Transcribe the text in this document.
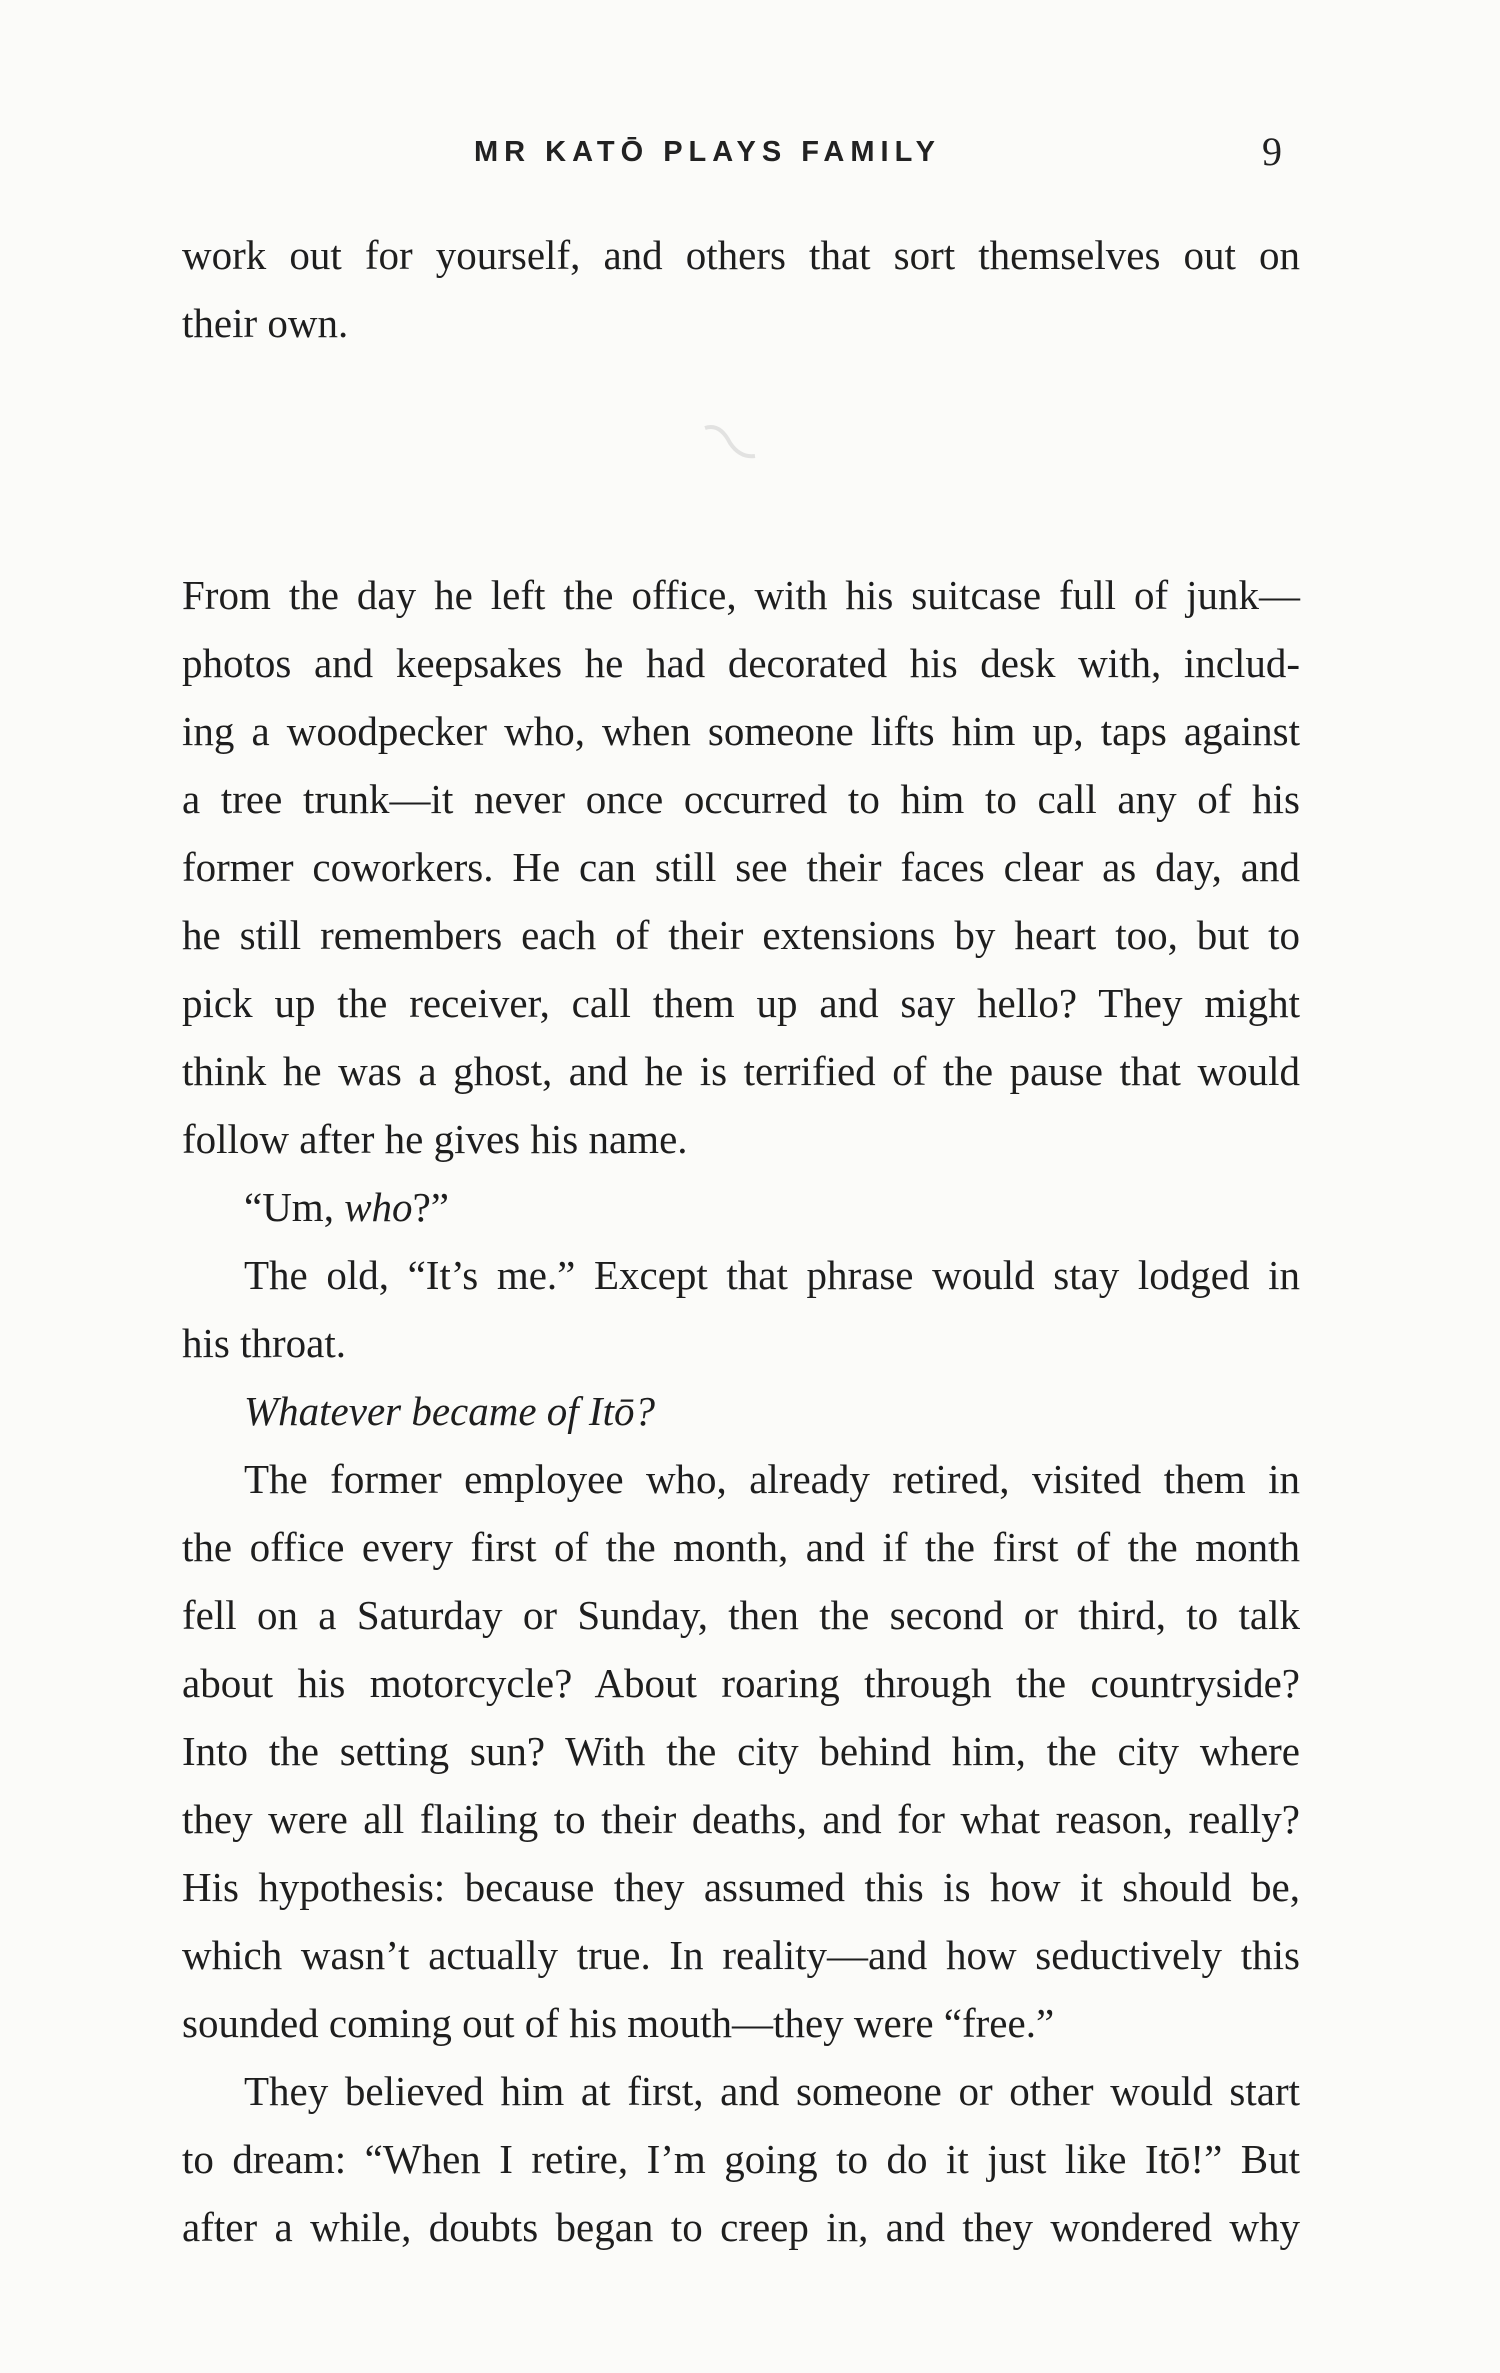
MR KATŌ PLAYS FAMILY	9
work out for yourself, and others that sort themselves out on
their own.
From the day he left the office, with his suitcase full of junk—
photos and keepsakes he had decorated his desk with, includ-
ing a woodpecker who, when someone lifts him up, taps against
a tree trunk—it never once occurred to him to call any of his
former coworkers. He can still see their faces clear as day, and
he still remembers each of their extensions by heart too, but to
pick up the receiver, call them up and say hello? They might
think he was a ghost, and he is terrified of the pause that would
follow after he gives his name.
“Um, who?”
The old, “It’s me.” Except that phrase would stay lodged in
his throat.
Whatever became of Itō?
The former employee who, already retired, visited them in
the office every first of the month, and if the first of the month
fell on a Saturday or Sunday, then the second or third, to talk
about his motorcycle? About roaring through the countryside?
Into the setting sun? With the city behind him, the city where
they were all flailing to their deaths, and for what reason, really?
His hypothesis: because they assumed this is how it should be,
which wasn’t actually true. In reality—and how seductively this
sounded coming out of his mouth—they were “free.”
They believed him at first, and someone or other would start
to dream: “When I retire, I’m going to do it just like Itō!” But
after a while, doubts began to creep in, and they wondered why
